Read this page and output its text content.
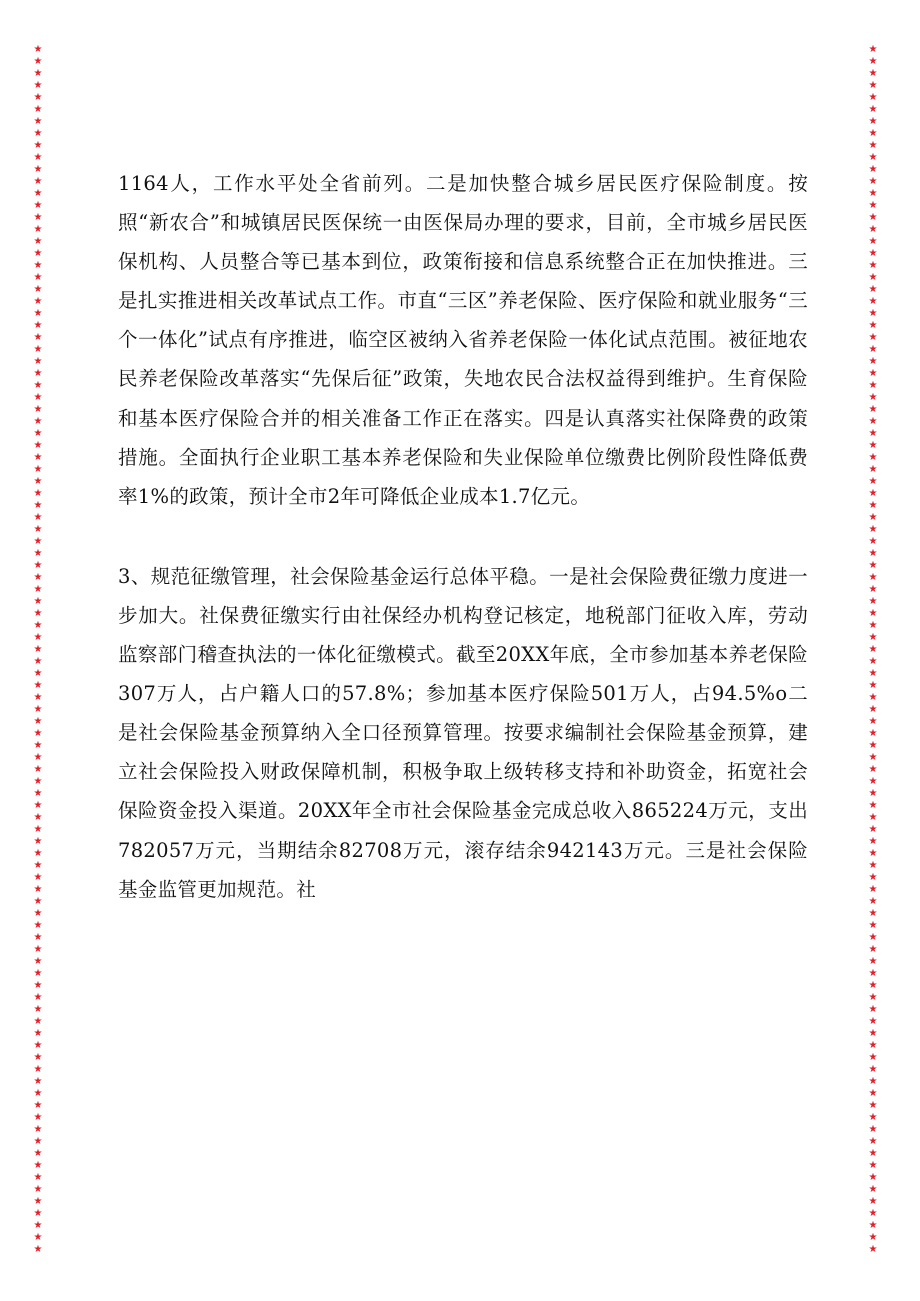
★
★
★
★
★
★
★
★
★
★
★
★
★
★
★
★
★
★
★
★
★
★
★
★
★
★
★
★
★
★
★
★
★
★
★
★
★
★
★
★
★
★
★
★
★
★
★
★
★
★
★
★
★
★
★
★
★
★
★
★
★
★
★
★
★
★
★
★
★
★
★
★
★
★
★
★
★
★
★
★
★
★
★
★
★
★
★
★
★
★
★
★
★
★
★
★
★
★
★
★
★
★
★
★
★
★
★
★
★
★
★
★
★
★
★
★
★
★
★
★
★
★
★
★
★
★
★
★
★
★
★
★
★
★
★
★
★
★
★
★
★
★
★
★
★
★
★
★
★
★
★
★
★
★
★
★
★
★
★
★
★
★
★
★
★
★
★
★
★
★
★
★
★
★
★
★
★
★
★
★
★
★
★
★
★
★
★
★
★
★
★
★
★
★
★
★
★
★
★
★
★
★

1164人，工作水平处全省前列。二是加快整合城乡居民医疗保险制度。按照“新农合”和城镇居民医保统一由医保局办理的要求，目前，全市城乡居民医保机构、人员整合等已基本到位，政策衔接和信息系统整合正在加快推进。三是扎实推进相关改革试点工作。市直“三区”养老保险、医疗保险和就业服务“三个一体化”试点有序推进，临空区被纳入省养老保险一体化试点范围。被征地农民养老保险改革落实“先保后征”政策，失地农民合法权益得到维护。生育保险和基本医疗保险合并的相关准备工作正在落实。四是认真落实社保降费的政策措施。全面执行企业职工基本养老保险和失业保险单位缴费比例阶段性降低费率1%的政策，预计全市2年可降低企业成本1.7亿元。

3、规范征缴管理，社会保险基金运行总体平稳。一是社会保险费征缴力度进一步加大。社保费征缴实行由社保经办机构登记核定，地税部门征收入库，劳动监察部门稽查执法的一体化征缴模式。截至20XX年底，全市参加基本养老保险307万人，占户籍人口的57.8%；参加基本医疗保险501万人，占94.5%o二是社会保险基金预算纳入全口径预算管理。按要求编制社会保险基金预算，建立社会保险投入财政保障机制，积极争取上级转移支持和补助资金，拓宽社会保险资金投入渠道。20XX年全市社会保险基金完成总收入865224万元，支出782057万元，当期结余82708万元，滚存结余942143万元。三是社会保险基金监管更加规范。社
